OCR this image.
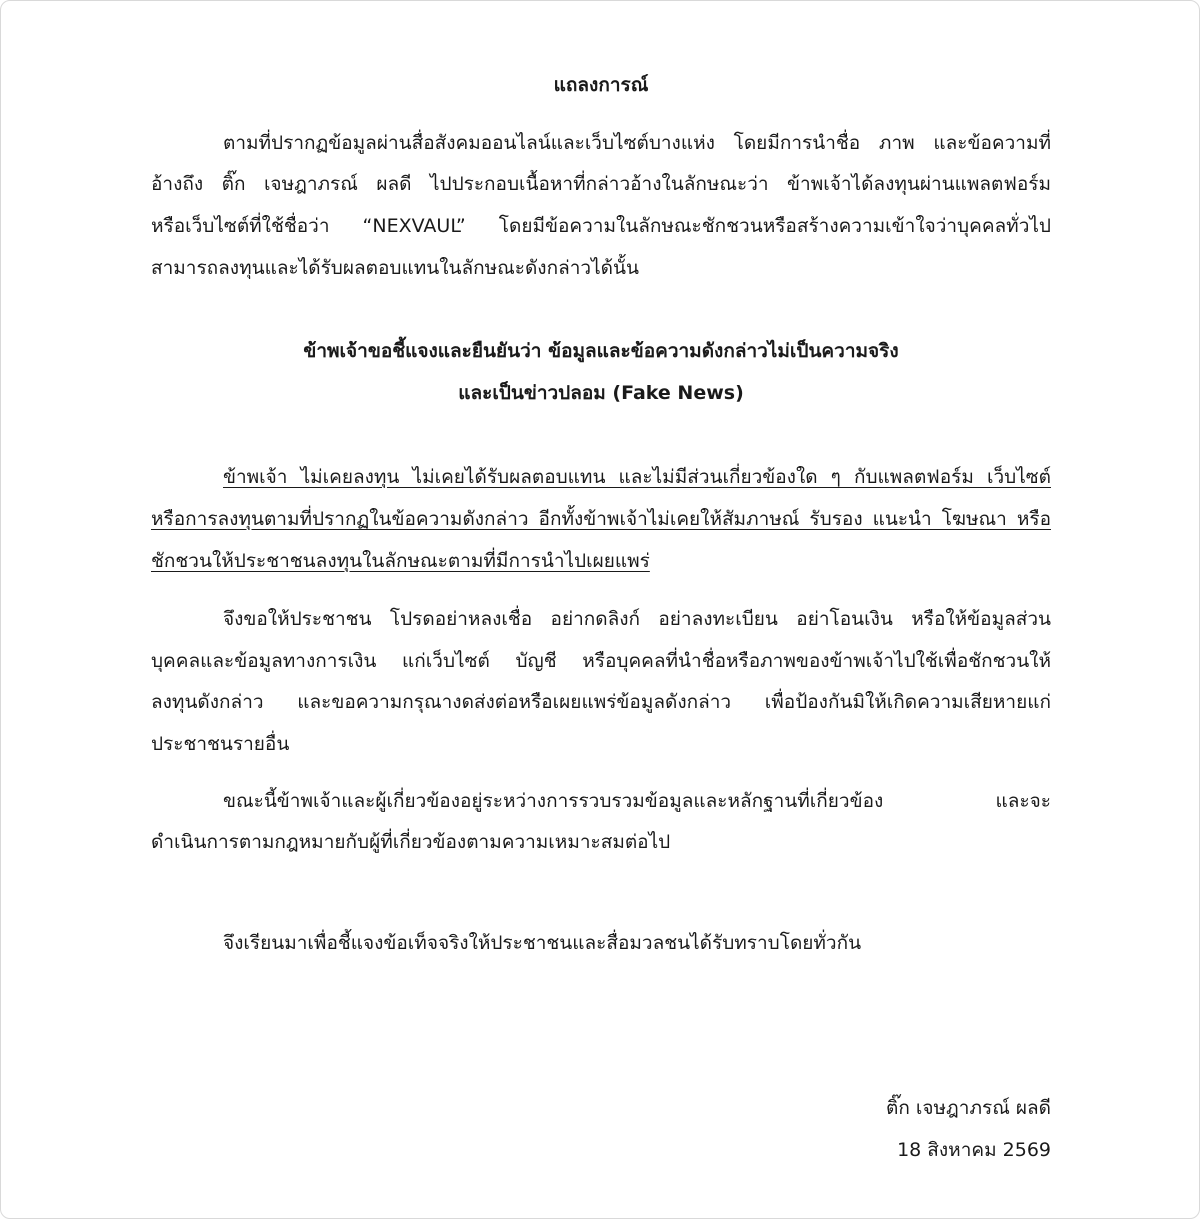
แถลงการณ์
ตามที่ปรากฏข้อมูลผ่านสื่อสังคมออนไลน์และเว็บไซต์บางแห่ง โดยมีการนำชื่อ ภาพ และข้อความที่
อ้างถึง ติ๊ก เจษฎาภรณ์ ผลดี ไปประกอบเนื้อหาที่กล่าวอ้างในลักษณะว่า ข้าพเจ้าได้ลงทุนผ่านแพลตฟอร์ม
หรือเว็บไซต์ที่ใช้ชื่อว่า “NEXVAUL” โดยมีข้อความในลักษณะชักชวนหรือสร้างความเข้าใจว่าบุคคลทั่วไป
สามารถลงทุนและได้รับผลตอบแทนในลักษณะดังกล่าวได้นั้น
ข้าพเจ้าขอชี้แจงและยืนยันว่า ข้อมูลและข้อความดังกล่าวไม่เป็นความจริง
และเป็นข่าวปลอม (Fake News)
ข้าพเจ้า ไม่เคยลงทุน ไม่เคยได้รับผลตอบแทน และไม่มีส่วนเกี่ยวข้องใด ๆ กับแพลตฟอร์ม เว็บไซต์
หรือการลงทุนตามที่ปรากฏในข้อความดังกล่าว อีกทั้งข้าพเจ้าไม่เคยให้สัมภาษณ์ รับรอง แนะนำ โฆษณา หรือ
ชักชวนให้ประชาชนลงทุนในลักษณะตามที่มีการนำไปเผยแพร่
จึงขอให้ประชาชน โปรดอย่าหลงเชื่อ อย่ากดลิงก์ อย่าลงทะเบียน อย่าโอนเงิน หรือให้ข้อมูลส่วน
บุคคลและข้อมูลทางการเงิน แก่เว็บไซต์ บัญชี หรือบุคคลที่นำชื่อหรือภาพของข้าพเจ้าไปใช้เพื่อชักชวนให้
ลงทุนดังกล่าว และขอความกรุณางดส่งต่อหรือเผยแพร่ข้อมูลดังกล่าว เพื่อป้องกันมิให้เกิดความเสียหายแก่
ประชาชนรายอื่น
ขณะนี้ข้าพเจ้าและผู้เกี่ยวข้องอยู่ระหว่างการรวบรวมข้อมูลและหลักฐานที่เกี่ยวข้อง และจะ
ดำเนินการตามกฎหมายกับผู้ที่เกี่ยวข้องตามความเหมาะสมต่อไป
จึงเรียนมาเพื่อชี้แจงข้อเท็จจริงให้ประชาชนและสื่อมวลชนได้รับทราบโดยทั่วกัน
ติ๊ก เจษฎาภรณ์ ผลดี
18 สิงหาคม 2569
